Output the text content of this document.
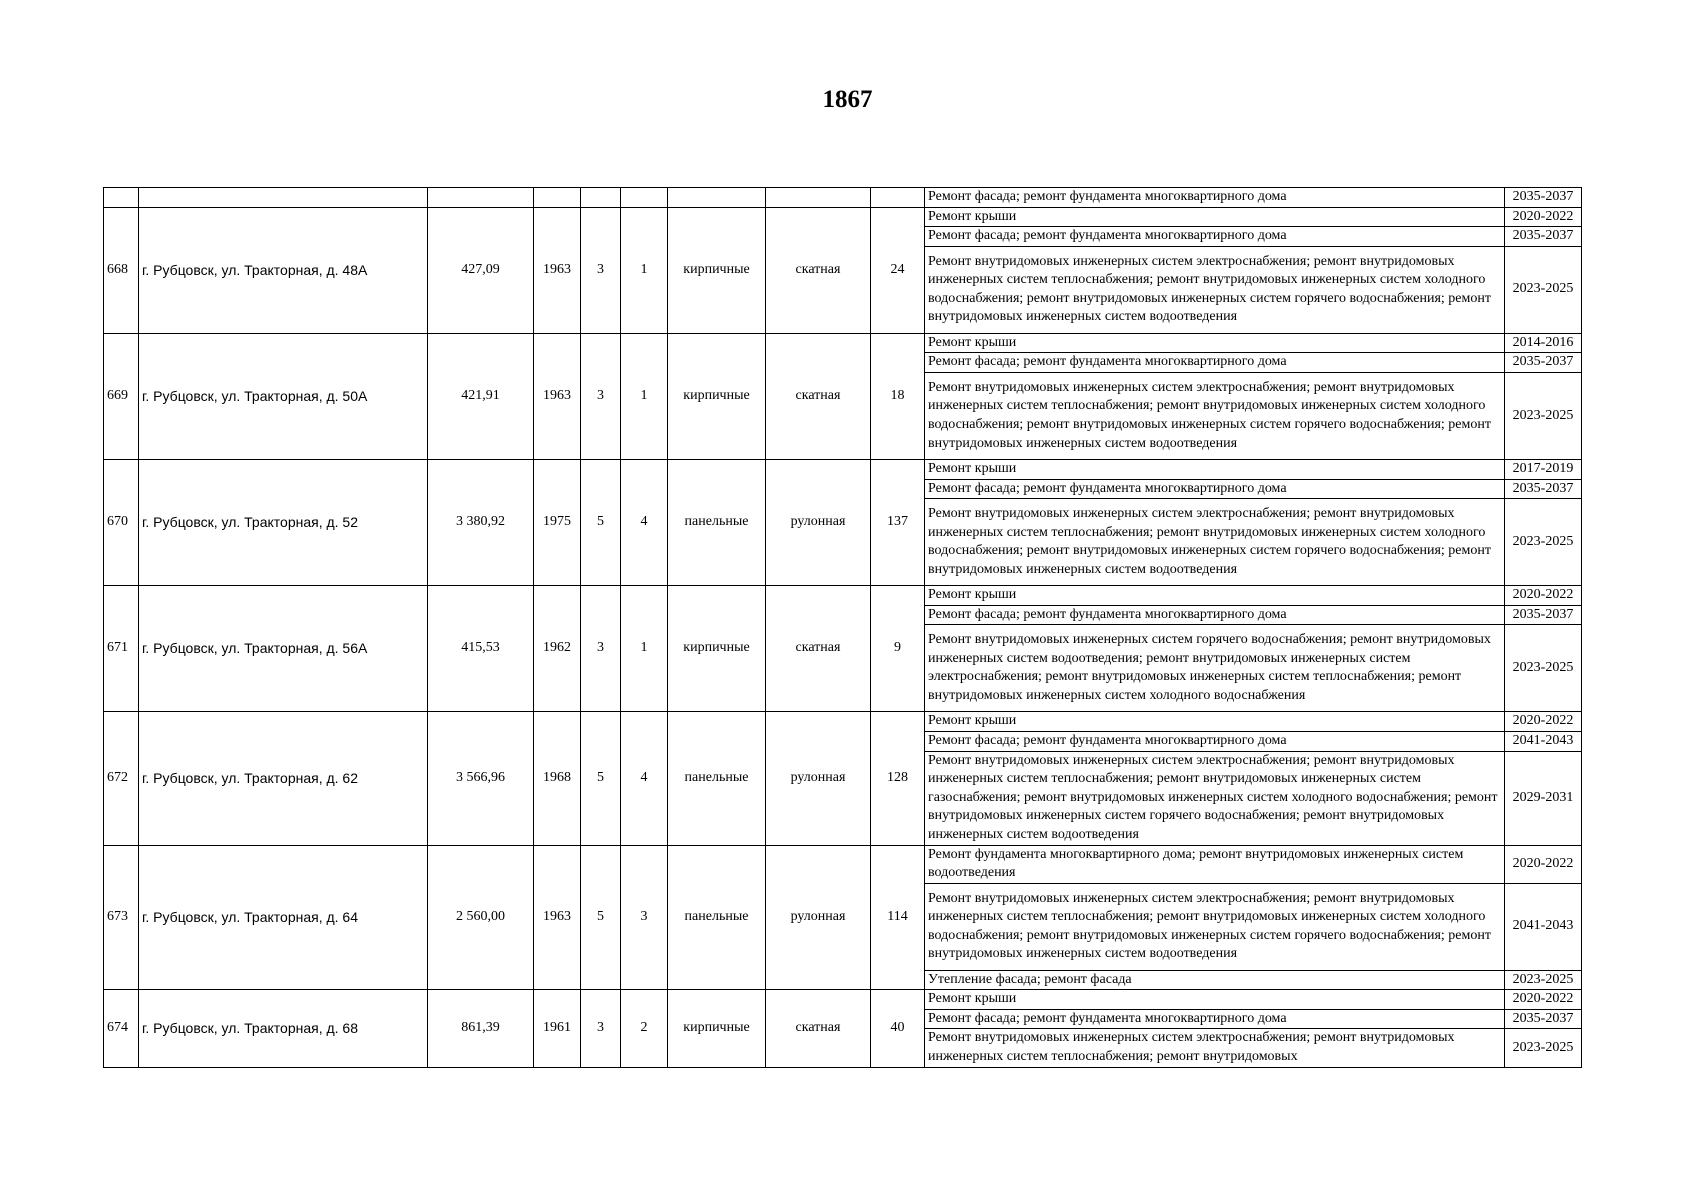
1867
									Ремонт фасада; ремонт фундамента многоквартирного дома	2035-2037
668	г. Рубцовск, ул. Тракторная, д. 48А	427,09	1963	3	1	кирпичные	скатная	24	Ремонт крыши	2020-2022
									Ремонт фасада; ремонт фундамента многоквартирного дома	2035-2037
									Ремонт внутридомовых инженерных систем электроснабжения; ремонт внутридомовых инженерных систем теплоснабжения; ремонт внутридомовых инженерных систем холодного водоснабжения; ремонт внутридомовых инженерных систем горячего водоснабжения; ремонт внутридомовых инженерных систем водоотведения	2023-2025
669	г. Рубцовск, ул. Тракторная, д. 50А	421,91	1963	3	1	кирпичные	скатная	18	Ремонт крыши	2014-2016
									Ремонт фасада; ремонт фундамента многоквартирного дома	2035-2037
									Ремонт внутридомовых инженерных систем электроснабжения; ремонт внутридомовых инженерных систем теплоснабжения; ремонт внутридомовых инженерных систем холодного водоснабжения; ремонт внутридомовых инженерных систем горячего водоснабжения; ремонт внутридомовых инженерных систем водоотведения	2023-2025
670	г. Рубцовск, ул. Тракторная, д. 52	3 380,92	1975	5	4	панельные	рулонная	137	Ремонт крыши	2017-2019
									Ремонт фасада; ремонт фундамента многоквартирного дома	2035-2037
									Ремонт внутридомовых инженерных систем электроснабжения; ремонт внутридомовых инженерных систем теплоснабжения; ремонт внутридомовых инженерных систем холодного водоснабжения; ремонт внутридомовых инженерных систем горячего водоснабжения; ремонт внутридомовых инженерных систем водоотведения	2023-2025
671	г. Рубцовск, ул. Тракторная, д. 56А	415,53	1962	3	1	кирпичные	скатная	9	Ремонт крыши	2020-2022
									Ремонт фасада; ремонт фундамента многоквартирного дома	2035-2037
									Ремонт внутридомовых инженерных систем горячего водоснабжения; ремонт внутридомовых инженерных систем водоотведения; ремонт внутридомовых инженерных систем электроснабжения; ремонт внутридомовых инженерных систем теплоснабжения; ремонт внутридомовых инженерных систем холодного водоснабжения	2023-2025
672	г. Рубцовск, ул. Тракторная, д. 62	3 566,96	1968	5	4	панельные	рулонная	128	Ремонт крыши	2020-2022
									Ремонт фасада; ремонт фундамента многоквартирного дома	2041-2043
									Ремонт внутридомовых инженерных систем электроснабжения; ремонт внутридомовых инженерных систем теплоснабжения; ремонт внутридомовых инженерных систем газоснабжения; ремонт внутридомовых инженерных систем холодного водоснабжения; ремонт внутридомовых инженерных систем горячего водоснабжения; ремонт внутридомовых инженерных систем водоотведения	2029-2031
673	г. Рубцовск, ул. Тракторная, д. 64	2 560,00	1963	5	3	панельные	рулонная	114	Ремонт фундамента многоквартирного дома; ремонт внутридомовых инженерных систем водоотведения	2020-2022
									Ремонт внутридомовых инженерных систем электроснабжения; ремонт внутридомовых инженерных систем теплоснабжения; ремонт внутридомовых инженерных систем холодного водоснабжения; ремонт внутридомовых инженерных систем горячего водоснабжения; ремонт внутридомовых инженерных систем водоотведения	2041-2043
									Утепление фасада; ремонт фасада	2023-2025
674	г. Рубцовск, ул. Тракторная, д. 68	861,39	1961	3	2	кирпичные	скатная	40	Ремонт крыши	2020-2022
									Ремонт фасада; ремонт фундамента многоквартирного дома	2035-2037
									Ремонт внутридомовых инженерных систем электроснабжения; ремонт внутридомовых инженерных систем теплоснабжения; ремонт внутридомовых	2023-2025
